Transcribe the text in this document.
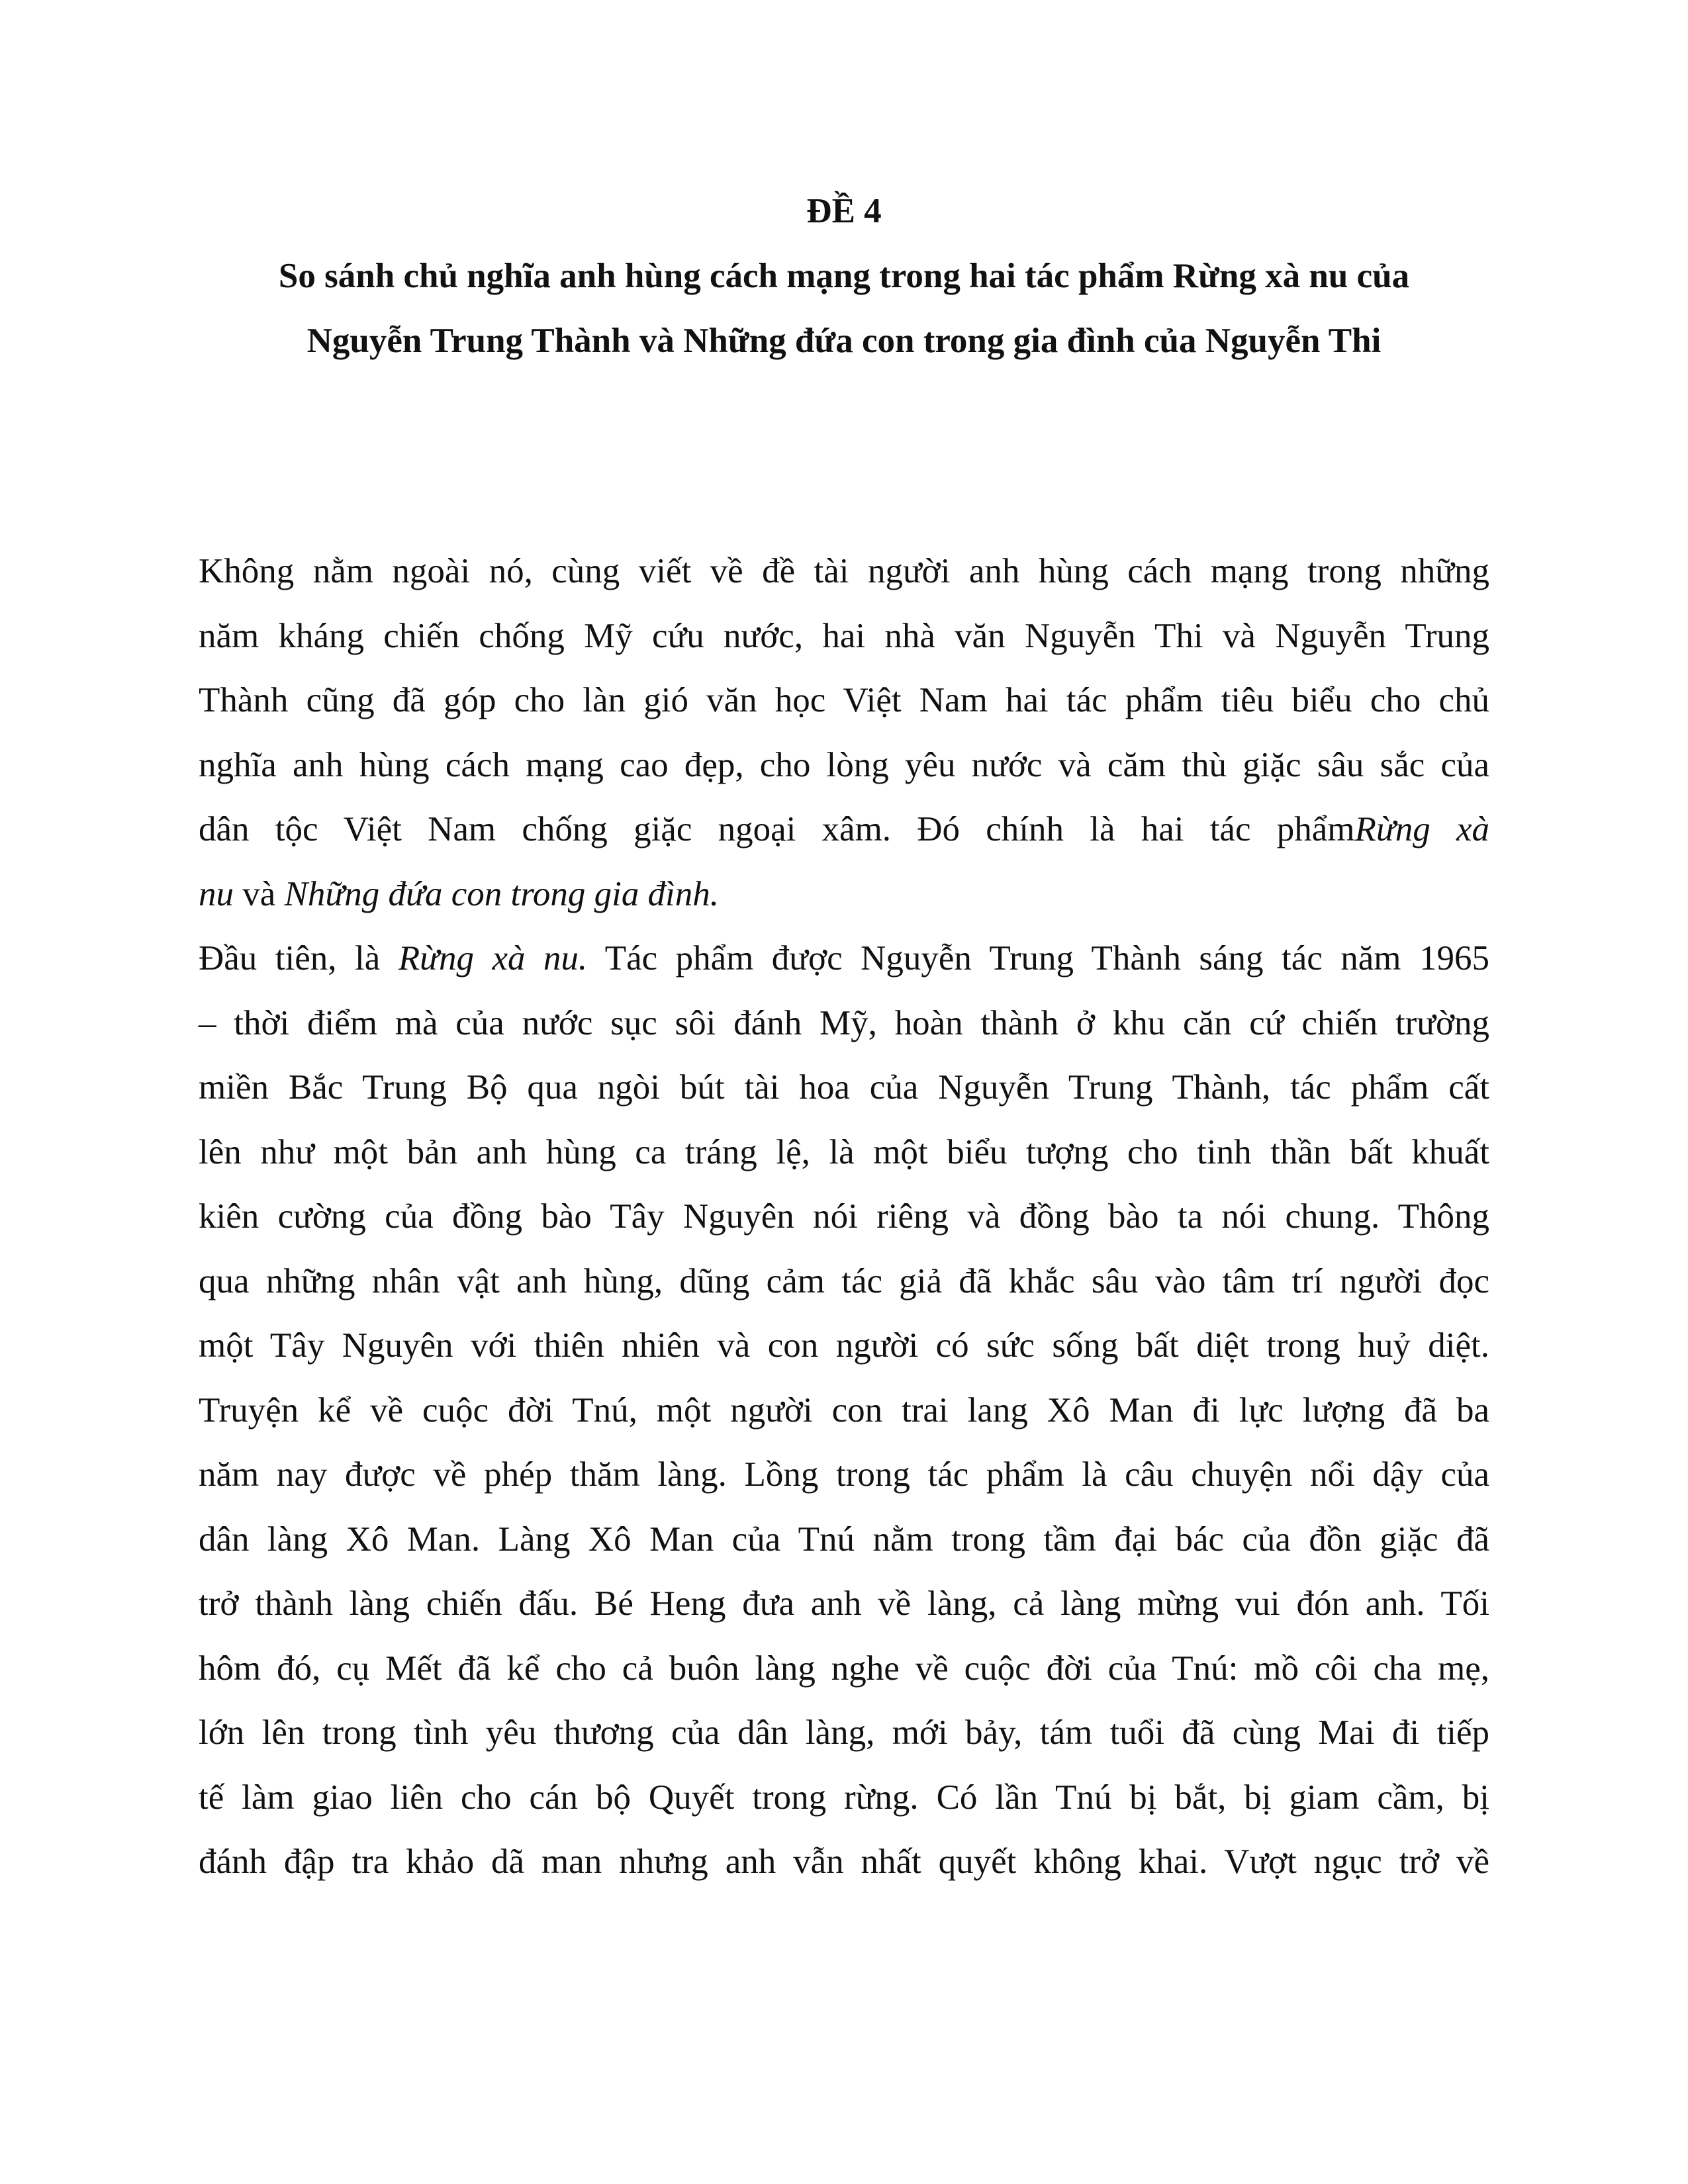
ĐỀ 4
So sánh chủ nghĩa anh hùng cách mạng trong hai tác phẩm Rừng xà nu của
Nguyễn Trung Thành và Những đứa con trong gia đình của Nguyễn Thi
Không nằm ngoài nó, cùng viết về đề tài người anh hùng cách mạng trong những
năm kháng chiến chống Mỹ cứu nước, hai nhà văn Nguyễn Thi và Nguyễn Trung
Thành cũng đã góp cho làn gió văn học Việt Nam hai tác phẩm tiêu biểu cho chủ
nghĩa anh hùng cách mạng cao đẹp, cho lòng yêu nước và căm thù giặc sâu sắc của
dân tộc Việt Nam chống giặc ngoại xâm. Đó chính là hai tác phẩmRừng xà
nu và Những đứa con trong gia đình.
Đầu tiên, là Rừng xà nu. Tác phẩm được Nguyễn Trung Thành sáng tác năm 1965
– thời điểm mà của nước sục sôi đánh Mỹ, hoàn thành ở khu căn cứ chiến trường
miền Bắc Trung Bộ qua ngòi bút tài hoa của Nguyễn Trung Thành, tác phẩm cất
lên như một bản anh hùng ca tráng lệ, là một biểu tượng cho tinh thần bất khuất
kiên cường của đồng bào Tây Nguyên nói riêng và đồng bào ta nói chung. Thông
qua những nhân vật anh hùng, dũng cảm tác giả đã khắc sâu vào tâm trí người đọc
một Tây Nguyên với thiên nhiên và con người có sức sống bất diệt trong huỷ diệt.
Truyện kể về cuộc đời Tnú, một người con trai lang Xô Man đi lực lượng đã ba
năm nay được về phép thăm làng. Lồng trong tác phẩm là câu chuyện nổi dậy của
dân làng Xô Man. Làng Xô Man của Tnú nằm trong tầm đại bác của đồn giặc đã
trở thành làng chiến đấu. Bé Heng đưa anh về làng, cả làng mừng vui đón anh. Tối
hôm đó, cụ Mết đã kể cho cả buôn làng nghe về cuộc đời của Tnú: mồ côi cha mẹ,
lớn lên trong tình yêu thương của dân làng, mới bảy, tám tuổi đã cùng Mai đi tiếp
tế làm giao liên cho cán bộ Quyết trong rừng. Có lần Tnú bị bắt, bị giam cầm, bị
đánh đập tra khảo dã man nhưng anh vẫn nhất quyết không khai. Vượt ngục trở về
